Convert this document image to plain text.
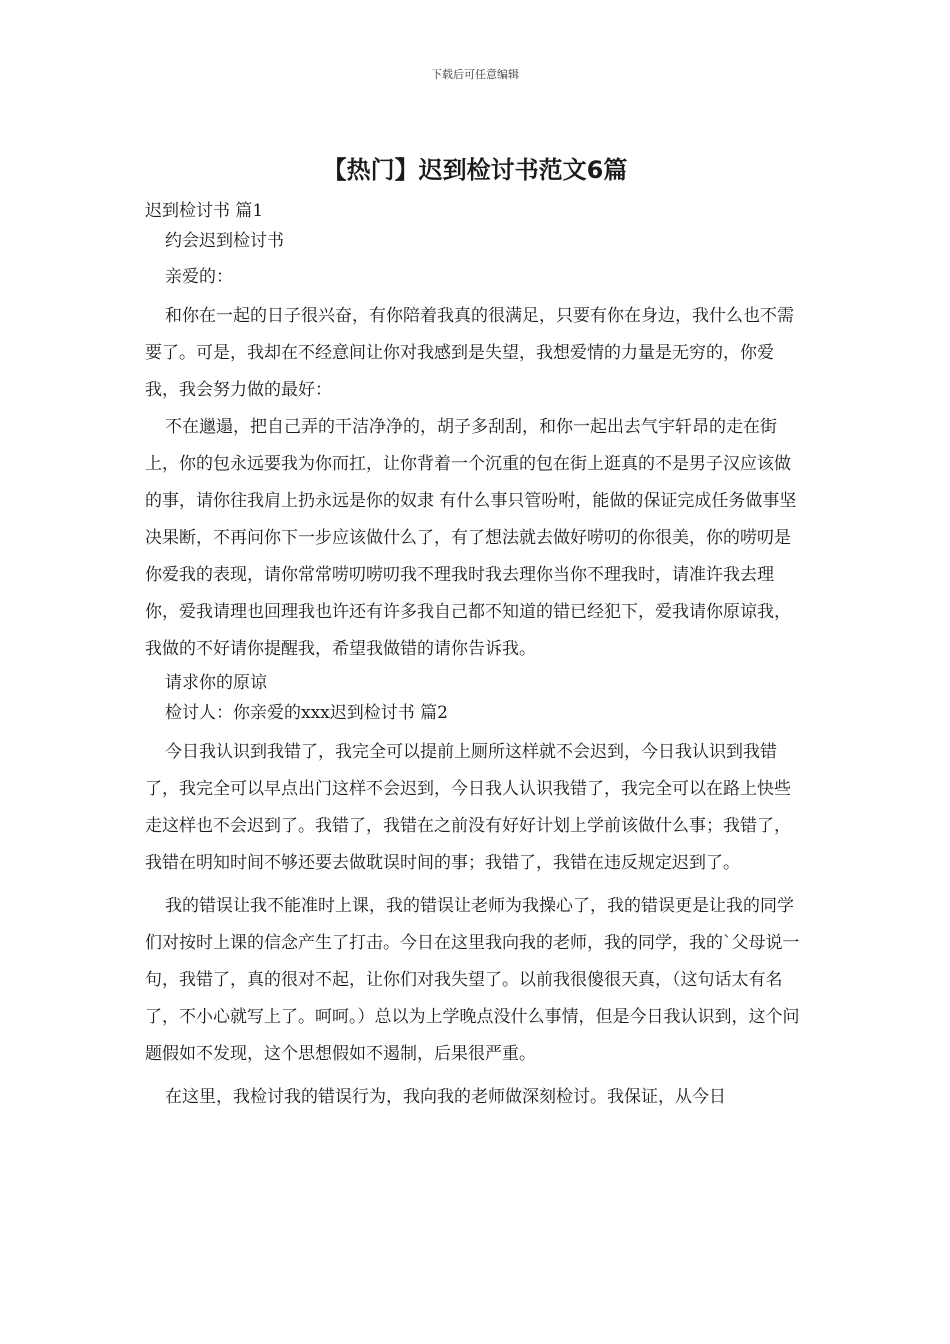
下载后可任意编辑
【热门】迟到检讨书范文6篇

迟到检讨书 篇1

约会迟到检讨书

亲爱的：

和你在一起的日子很兴奋，有你陪着我真的很满足，只要有你在身边，我什么也不需要了。可是，我却在不经意间让你对我感到是失望，我想爱情的力量是无穷的，你爱我，我会努力做的最好：

不在邋遢，把自己弄的干洁净净的，胡子多刮刮，和你一起出去气宇轩昂的走在街上，你的包永远要我为你而扛，让你背着一个沉重的包在街上逛真的不是男子汉应该做的事，请你往我肩上扔永远是你的奴隶 有什么事只管吩咐，能做的保证完成任务做事坚决果断，不再问你下一步应该做什么了，有了想法就去做好唠叨的你很美，你的唠叨是你爱我的表现，请你常常唠叨唠叨我不理我时我去理你当你不理我时，请准许我去理你，爱我请理也回理我也许还有许多我自己都不知道的错已经犯下，爱我请你原谅我，我做的不好请你提醒我，希望我做错的请你告诉我。

请求你的原谅

检讨人：你亲爱的xxx迟到检讨书 篇2

今日我认识到我错了，我完全可以提前上厕所这样就不会迟到，今日我认识到我错了，我完全可以早点出门这样不会迟到，今日我人认识我错了，我完全可以在路上快些走这样也不会迟到了。我错了，我错在之前没有好好计划上学前该做什么事；我错了，我错在明知时间不够还要去做耽误时间的事；我错了，我错在违反规定迟到了。

我的错误让我不能准时上课，我的错误让老师为我操心了，我的错误更是让我的同学们对按时上课的信念产生了打击。今日在这里我向我的老师，我的同学，我的`父母说一句，我错了，真的很对不起，让你们对我失望了。以前我很傻很天真，（这句话太有名了，不小心就写上了。呵呵。）总以为上学晚点没什么事情，但是今日我认识到，这个问题假如不发现，这个思想假如不遏制，后果很严重。

在这里，我检讨我的错误行为，我向我的老师做深刻检讨。我保证，从今日
